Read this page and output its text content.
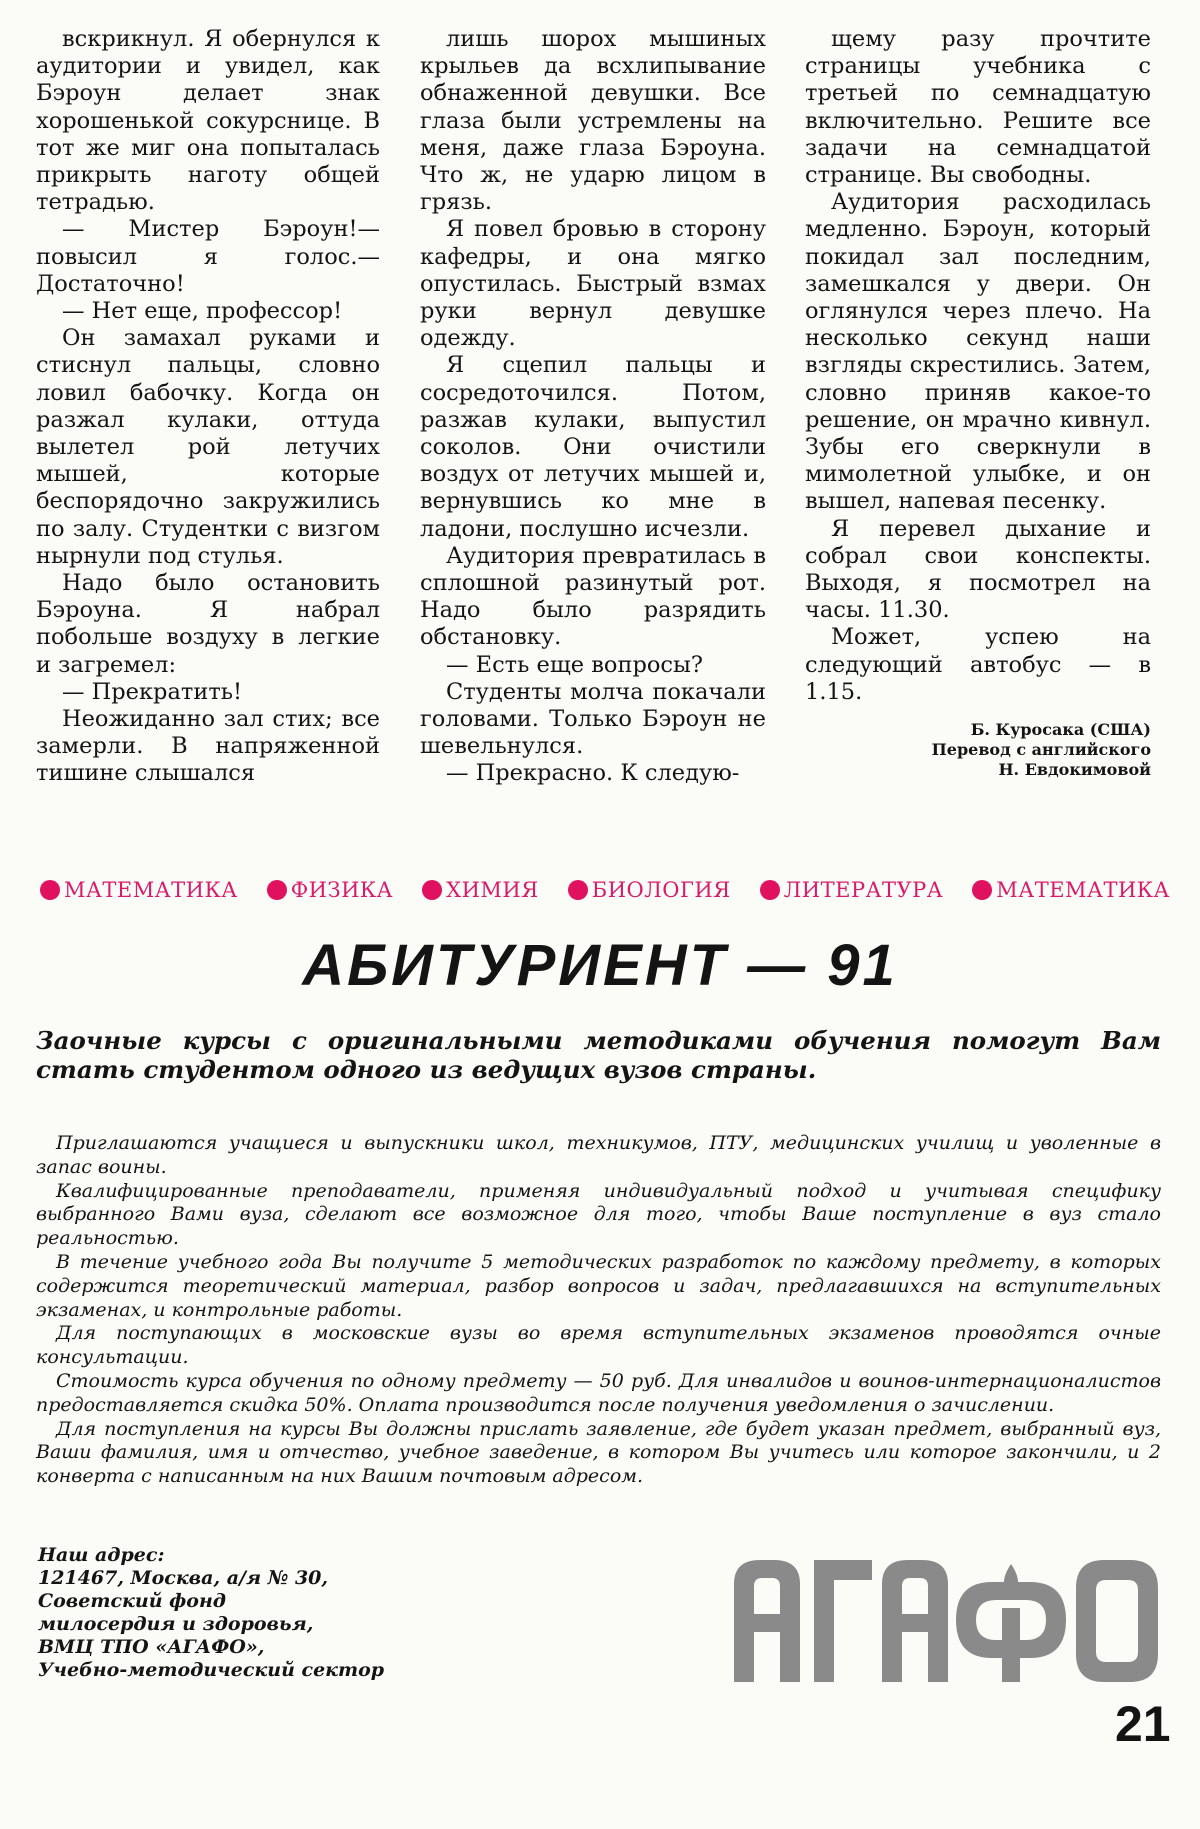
вскрикнул. Я обернулся к аудитории и увидел, как Бэроун делает знак хорошенькой сокурснице. В тот же миг она попыталась прикрыть наготу общей тетрадью.

— Мистер Бэроун!— повысил я голос.— Достаточно!

— Нет еще, профессор!

Он замахал руками и стиснул пальцы, словно ловил бабочку. Когда он разжал кулаки, оттуда вылетел рой летучих мышей, которые беспорядочно закружились по залу. Студентки с визгом нырнули под стулья.

Надо было остановить Бэроуна. Я набрал побольше воздуху в легкие и загремел:

— Прекратить!

Неожиданно зал стих; все замерли. В напряженной тишине слышался

лишь шорох мышиных крыльев да всхлипывание обнаженной девушки. Все глаза были устремлены на меня, даже глаза Бэроуна. Что ж, не ударю лицом в грязь.

Я повел бровью в сторону кафедры, и она мягко опустилась. Быстрый взмах руки вернул девушке одежду.

Я сцепил пальцы и сосредоточился. Потом, разжав кулаки, выпустил соколов. Они очистили воздух от летучих мышей и, вернувшись ко мне в ладони, послушно исчезли.

Аудитория превратилась в сплошной разинутый рот. Надо было разрядить обстановку.

— Есть еще вопросы?

Студенты молча покачали головами. Только Бэроун не шевельнулся.

— Прекрасно. К следую-

щему разу прочтите страницы учебника с третьей по семнадцатую включительно. Решите все задачи на семнадцатой странице. Вы свободны.

Аудитория расходилась медленно. Бэроун, который покидал зал последним, замешкался у двери. Он оглянулся через плечо. На несколько секунд наши взгляды скрестились. Затем, словно приняв какое-то решение, он мрачно кивнул. Зубы его сверкнули в мимолетной улыбке, и он вышел, напевая песенку.

Я перевел дыхание и собрал свои конспекты. Выходя, я посмотрел на часы. 11.30.

Может, успею на следующий автобус — в 1.15.

Б. Куросака (США)
Перевод с английского
Н. Евдокимовой
МАТЕМАТИКА	ФИЗИКА	ХИМИЯ	БИОЛОГИЯ	ЛИТЕРАТУРА	МАТЕМАТИКА
АБИТУРИЕНТ — 91
Заочные курсы с оригинальными методиками обучения помогут Вам стать студентом одного из ведущих вузов страны.

Приглашаются учащиеся и выпускники школ, техникумов, ПТУ, медицинских училищ и уволенные в запас воины.

Квалифицированные преподаватели, применяя индивидуальный подход и учитывая специфику выбранного Вами вуза, сделают все возможное для того, чтобы Ваше поступление в вуз стало реальностью.

В течение учебного года Вы получите 5 методических разработок по каждому предмету, в которых содержится теоретический материал, разбор вопросов и задач, предлагавшихся на вступительных экзаменах, и контрольные работы.

Для поступающих в московские вузы во время вступительных экзаменов проводятся очные консультации.

Стоимость курса обучения по одному предмету — 50 руб. Для инвалидов и воинов-интернационалистов предоставляется скидка 50%. Оплата производится после получения уведомления о зачислении.

Для поступления на курсы Вы должны прислать заявление, где будет указан предмет, выбранный вуз, Ваши фамилия, имя и отчество, учебное заведение, в котором Вы учитесь или которое закончили, и 2 конверта с написанным на них Вашим почтовым адресом.

Наш адрес:
121467, Москва, а/я № 30,
Советский фонд
милосердия и здоровья,
ВМЦ ТПО «АГАФО»,
Учебно-методический сектор
21
